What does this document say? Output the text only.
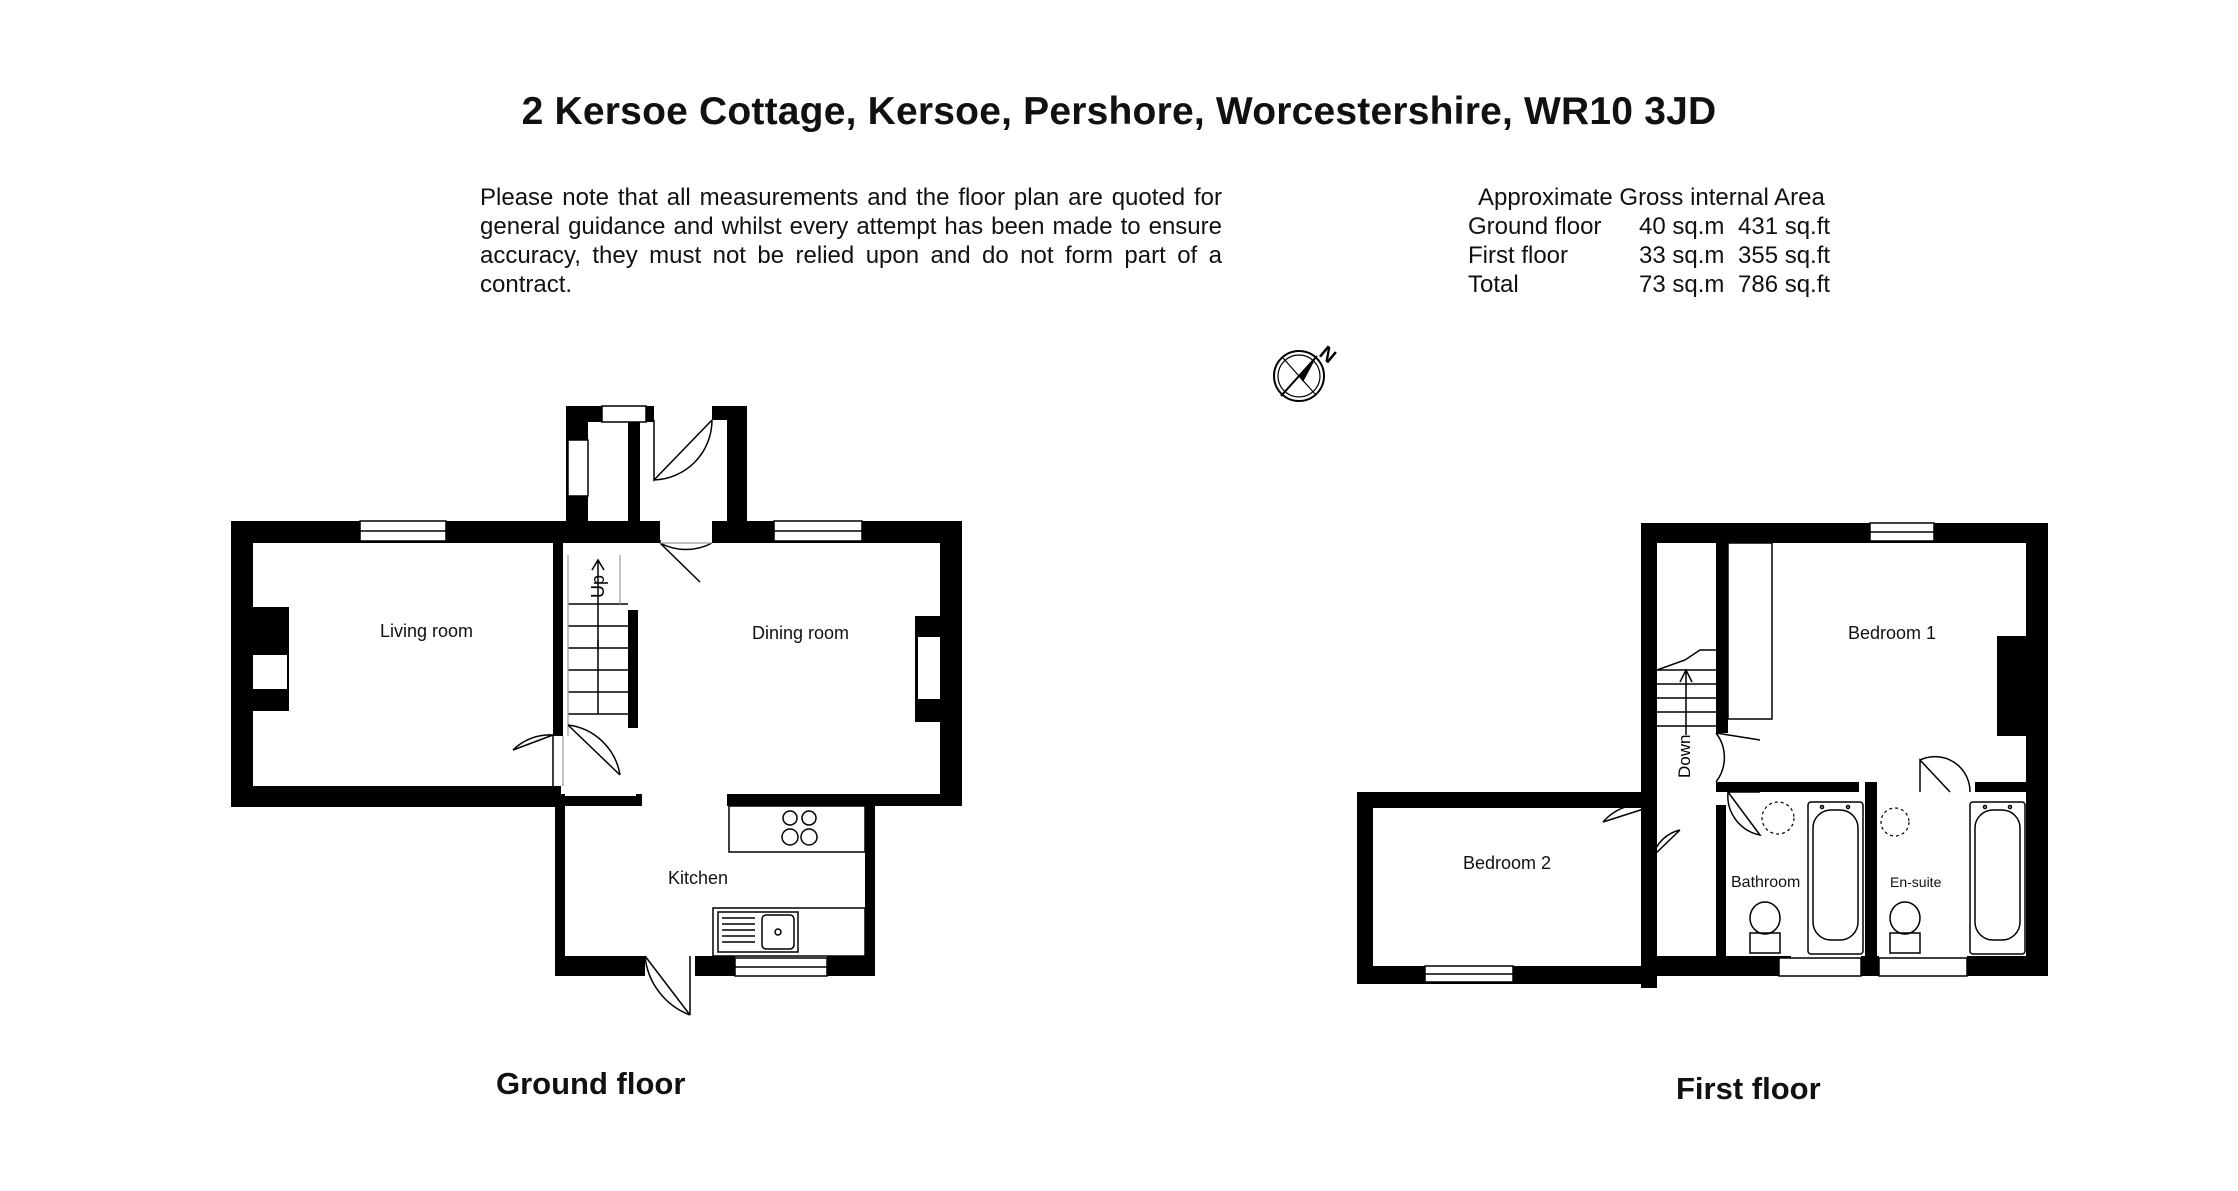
2 Kersoe Cottage, Kersoe, Pershore, Worcestershire, WR10 3JD
Please note that all measurements and the floor plan are quoted for general guidance and whilst every attempt has been made to ensure accuracy, they must not be relied upon and do not form part of a contract.
Approximate Gross internal Area
Ground floor	40 sq.m	431 sq.ft
First floor	33 sq.m	355 sq.ft
Total	73 sq.m	786 sq.ft
N
Up
Down
Living room	Dining room
Kitchen
Bedroom 1
Bedroom 2
Bathroom	En-suite
Ground floor	First floor
